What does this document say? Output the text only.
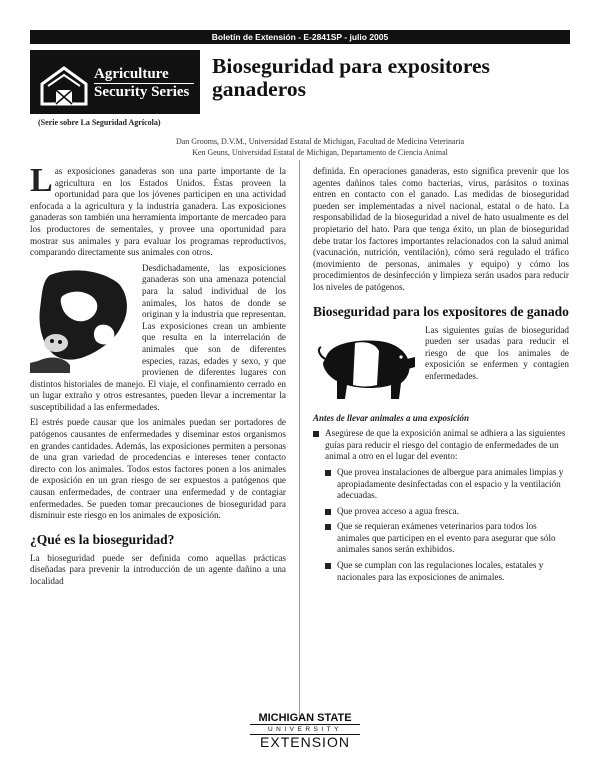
Boletín de Extensión - E-2841SP - julio 2005
Agriculture
Security Series
(Serie sobre La Seguridad Agrícola)
Bioseguridad para expositores ganaderos
Dan Grooms, D.V.M., Universidad Estatal de Michigan, Facultad de Medicina Veterinaria
Ken Geuns, Universidad Estatal de Michigan, Departamento de Ciencia Animal

Las exposiciones ganaderas son una parte importante de la agricultura en los Estados Unidos. Éstas proveen la oportunidad para que los jóvenes participen en una actividad enfocada a la agricultura y la industria ganadera. Las exposiciones ganaderas son también una herramienta importante de mercadeo para los productores de sementales, y provee una oportunidad para mostrar sus animales y para evaluar los programas reproductivos, comparando directamente sus animales con otros.

Desdichadamente, las exposiciones ganaderas son una amenaza potencial para la salud individual de los animales, los hatos de donde se originan y la industria que representan. Las exposiciones crean un ambiente que resulta en la interrelación de animales que son de diferentes especies, razas, edades y sexo, y que provienen de diferentes lugares con distintos historiales de manejo. El viaje, el confinamiento cerrado en un lugar extraño y otros estresantes, pueden llevar a incrementar la susceptibilidad a las enfermedades.

El estrés puede causar que los animales puedan ser portadores de patógenos causantes de enfermedades y diseminar estos organismos en grandes cantidades. Además, las exposiciones permiten a personas de una gran variedad de procedencias e intereses tener contacto directo con los animales. Todos estos factores ponen a los animales de exposición en un gran riesgo de ser expuestos a patógenos que causan enfermedades, de contraer una enfermedad y de contagiar enfermedades. Se pueden tomar precauciones de bioseguridad para disminuir este riesgo en los animales de exposición.

¿Qué es la bioseguridad?

La bioseguridad puede ser definida como aquellas prácticas diseñadas para prevenir la introducción de un agente dañino a una localidad

definida. En operaciones ganaderas, esto significa prevenir que los agentes dañinos tales como bacterias, virus, parásitos o toxinas entren en contacto con el ganado. Las medidas de bioseguridad pueden ser implementadas a nivel nacional, estatal o de hato. La responsabilidad de la bioseguridad a nivel de hato usualmente es del propietario del hato. Para que tenga éxito, un plan de bioseguridad debe tratar los factores importantes relacionados con la salud animal (vacunación, nutrición, ventilación), cómo será regulado el tráfico (movimiento de personas, animales y equipo) y cómo los procedimientos de desinfección y limpieza serán usados para reducir los niveles de patógenos.

Bioseguridad para los expositores de ganado

Las siguientes guías de bioseguridad pueden ser usadas para reducir el riesgo de que los animales de exposición se enfermen y contagien enfermedades.

Antes de llevar animales a una exposición
Asegúrese de que la exposición animal se adhiera a las siguientes guías para reducir el riesgo del contagio de enfermedades de un animal a otro en el lugar del evento:
Que provea instalaciones de albergue para animales limpias y apropiadamente desinfectadas con el espacio y la ventilación adecuadas.
Que provea acceso a agua fresca.
Que se requieran exámenes veterinarios para todos los animales que participen en el evento para asegurar que sólo animales sanos serán exhibidos.
Que se cumplan con las regulaciones locales, estatales y nacionales para las exposiciones de animales.
MICHIGAN STATE
UNIVERSITY
EXTENSION
